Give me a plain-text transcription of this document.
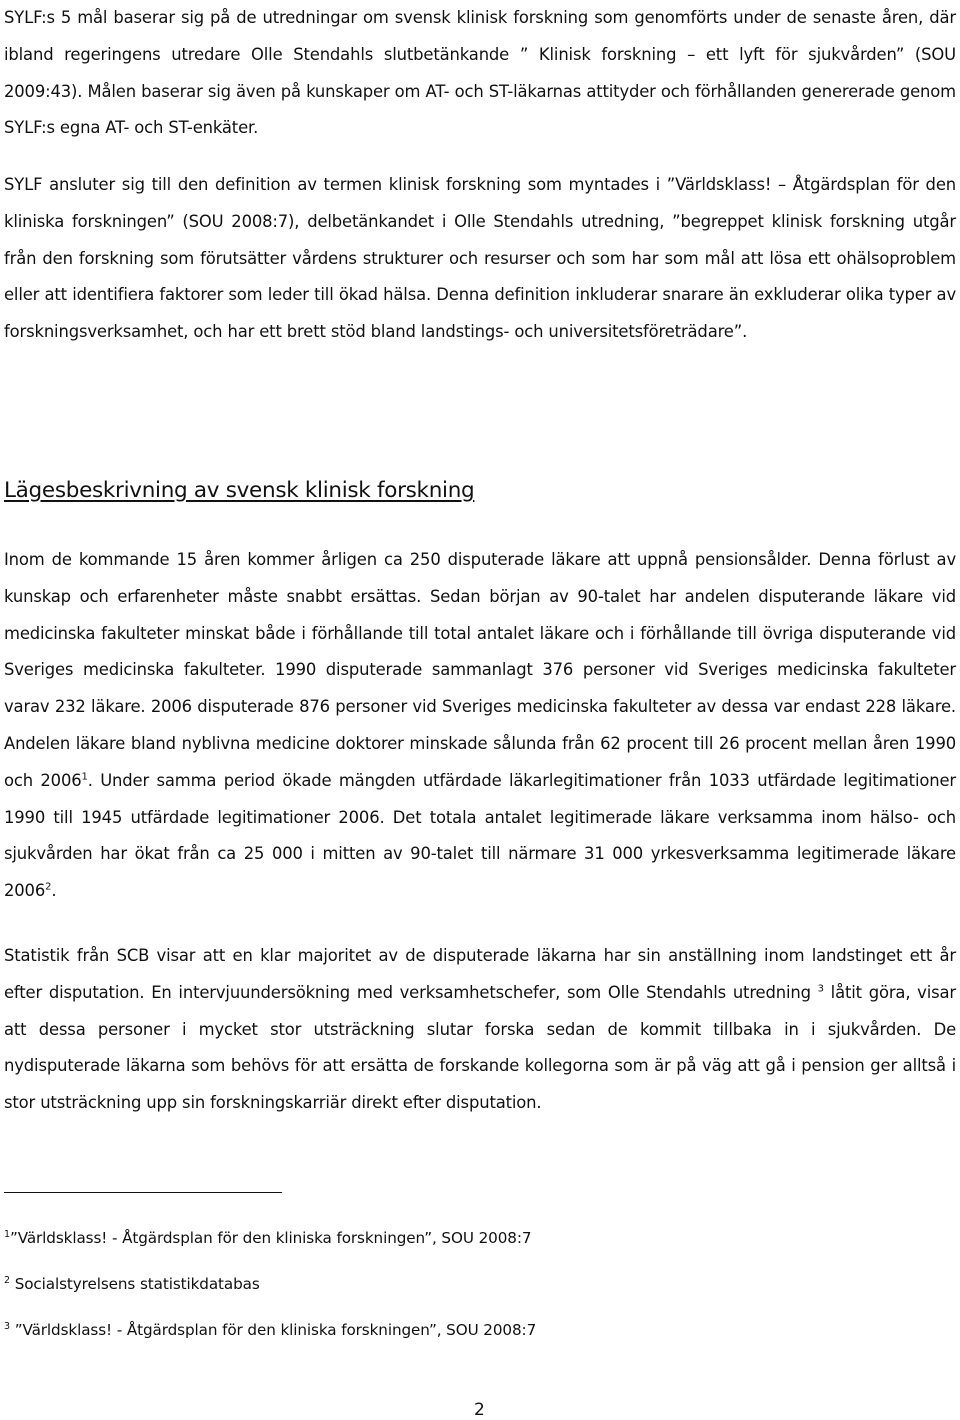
SYLF:s 5 mål baserar sig på de utredningar om svensk klinisk forskning som genomförts under de senaste åren, där ibland regeringens utredare Olle Stendahls slutbetänkande ” Klinisk forskning – ett lyft för sjukvården” (SOU 2009:43). Målen baserar sig även på kunskaper om AT- och ST-läkarnas attityder och förhållanden genererade genom SYLF:s egna AT- och ST-enkäter.

SYLF ansluter sig till den definition av termen klinisk forskning som myntades i ”Världsklass! – Åtgärdsplan för den kliniska forskningen” (SOU 2008:7), delbetänkandet i Olle Stendahls utredning, ”begreppet klinisk forskning utgår från den forskning som förutsätter vårdens strukturer och resurser och som har som mål att lösa ett ohälsoproblem eller att identifiera faktorer som leder till ökad hälsa. Denna definition inkluderar snarare än exkluderar olika typer av forskningsverksamhet, och har ett brett stöd bland landstings- och universitetsföreträdare”.

Lägesbeskrivning av svensk klinisk forskning

Inom de kommande 15 åren kommer årligen ca 250 disputerade läkare att uppnå pensionsålder. Denna förlust av kunskap och erfarenheter måste snabbt ersättas. Sedan början av 90-talet har andelen disputerande läkare vid medicinska fakulteter minskat både i förhållande till total antalet läkare och i förhållande till övriga disputerande vid Sveriges medicinska fakulteter. 1990 disputerade sammanlagt 376 personer vid Sveriges medicinska fakulteter varav 232 läkare. 2006 disputerade 876 personer vid Sveriges medicinska fakulteter av dessa var endast 228 läkare. Andelen läkare bland nyblivna medicine doktorer minskade sålunda från 62 procent till 26 procent mellan åren 1990 och 2006$^1$. Under samma period ökade mängden utfärdade läkarlegitimationer från 1033 utfärdade legitimationer 1990 till 1945 utfärdade legitimationer 2006. Det totala antalet legitimerade läkare verksamma inom hälso- och sjukvården har ökat från ca 25 000 i mitten av 90-talet till närmare 31 000 yrkesverksamma legitimerade läkare 2006$^2$.

Statistik från SCB visar att en klar majoritet av de disputerade läkarna har sin anställning inom landstinget ett år efter disputation. En intervjuundersökning med verksamhetschefer, som Olle Stendahls utredning $^3$ låtit göra, visar att dessa personer i mycket stor utsträckning slutar forska sedan de kommit tillbaka in i sjukvården. De nydisputerade läkarna som behövs för att ersätta de forskande kollegorna som är på väg att gå i pension ger alltså i stor utsträckning upp sin forskningskarriär direkt efter disputation.

$^1$”Världsklass! - Åtgärdsplan för den kliniska forskningen”, SOU 2008:7

$^2$ Socialstyrelsens statistikdatabas

$^3$ ”Världsklass! - Åtgärdsplan för den kliniska forskningen”, SOU 2008:7

2
